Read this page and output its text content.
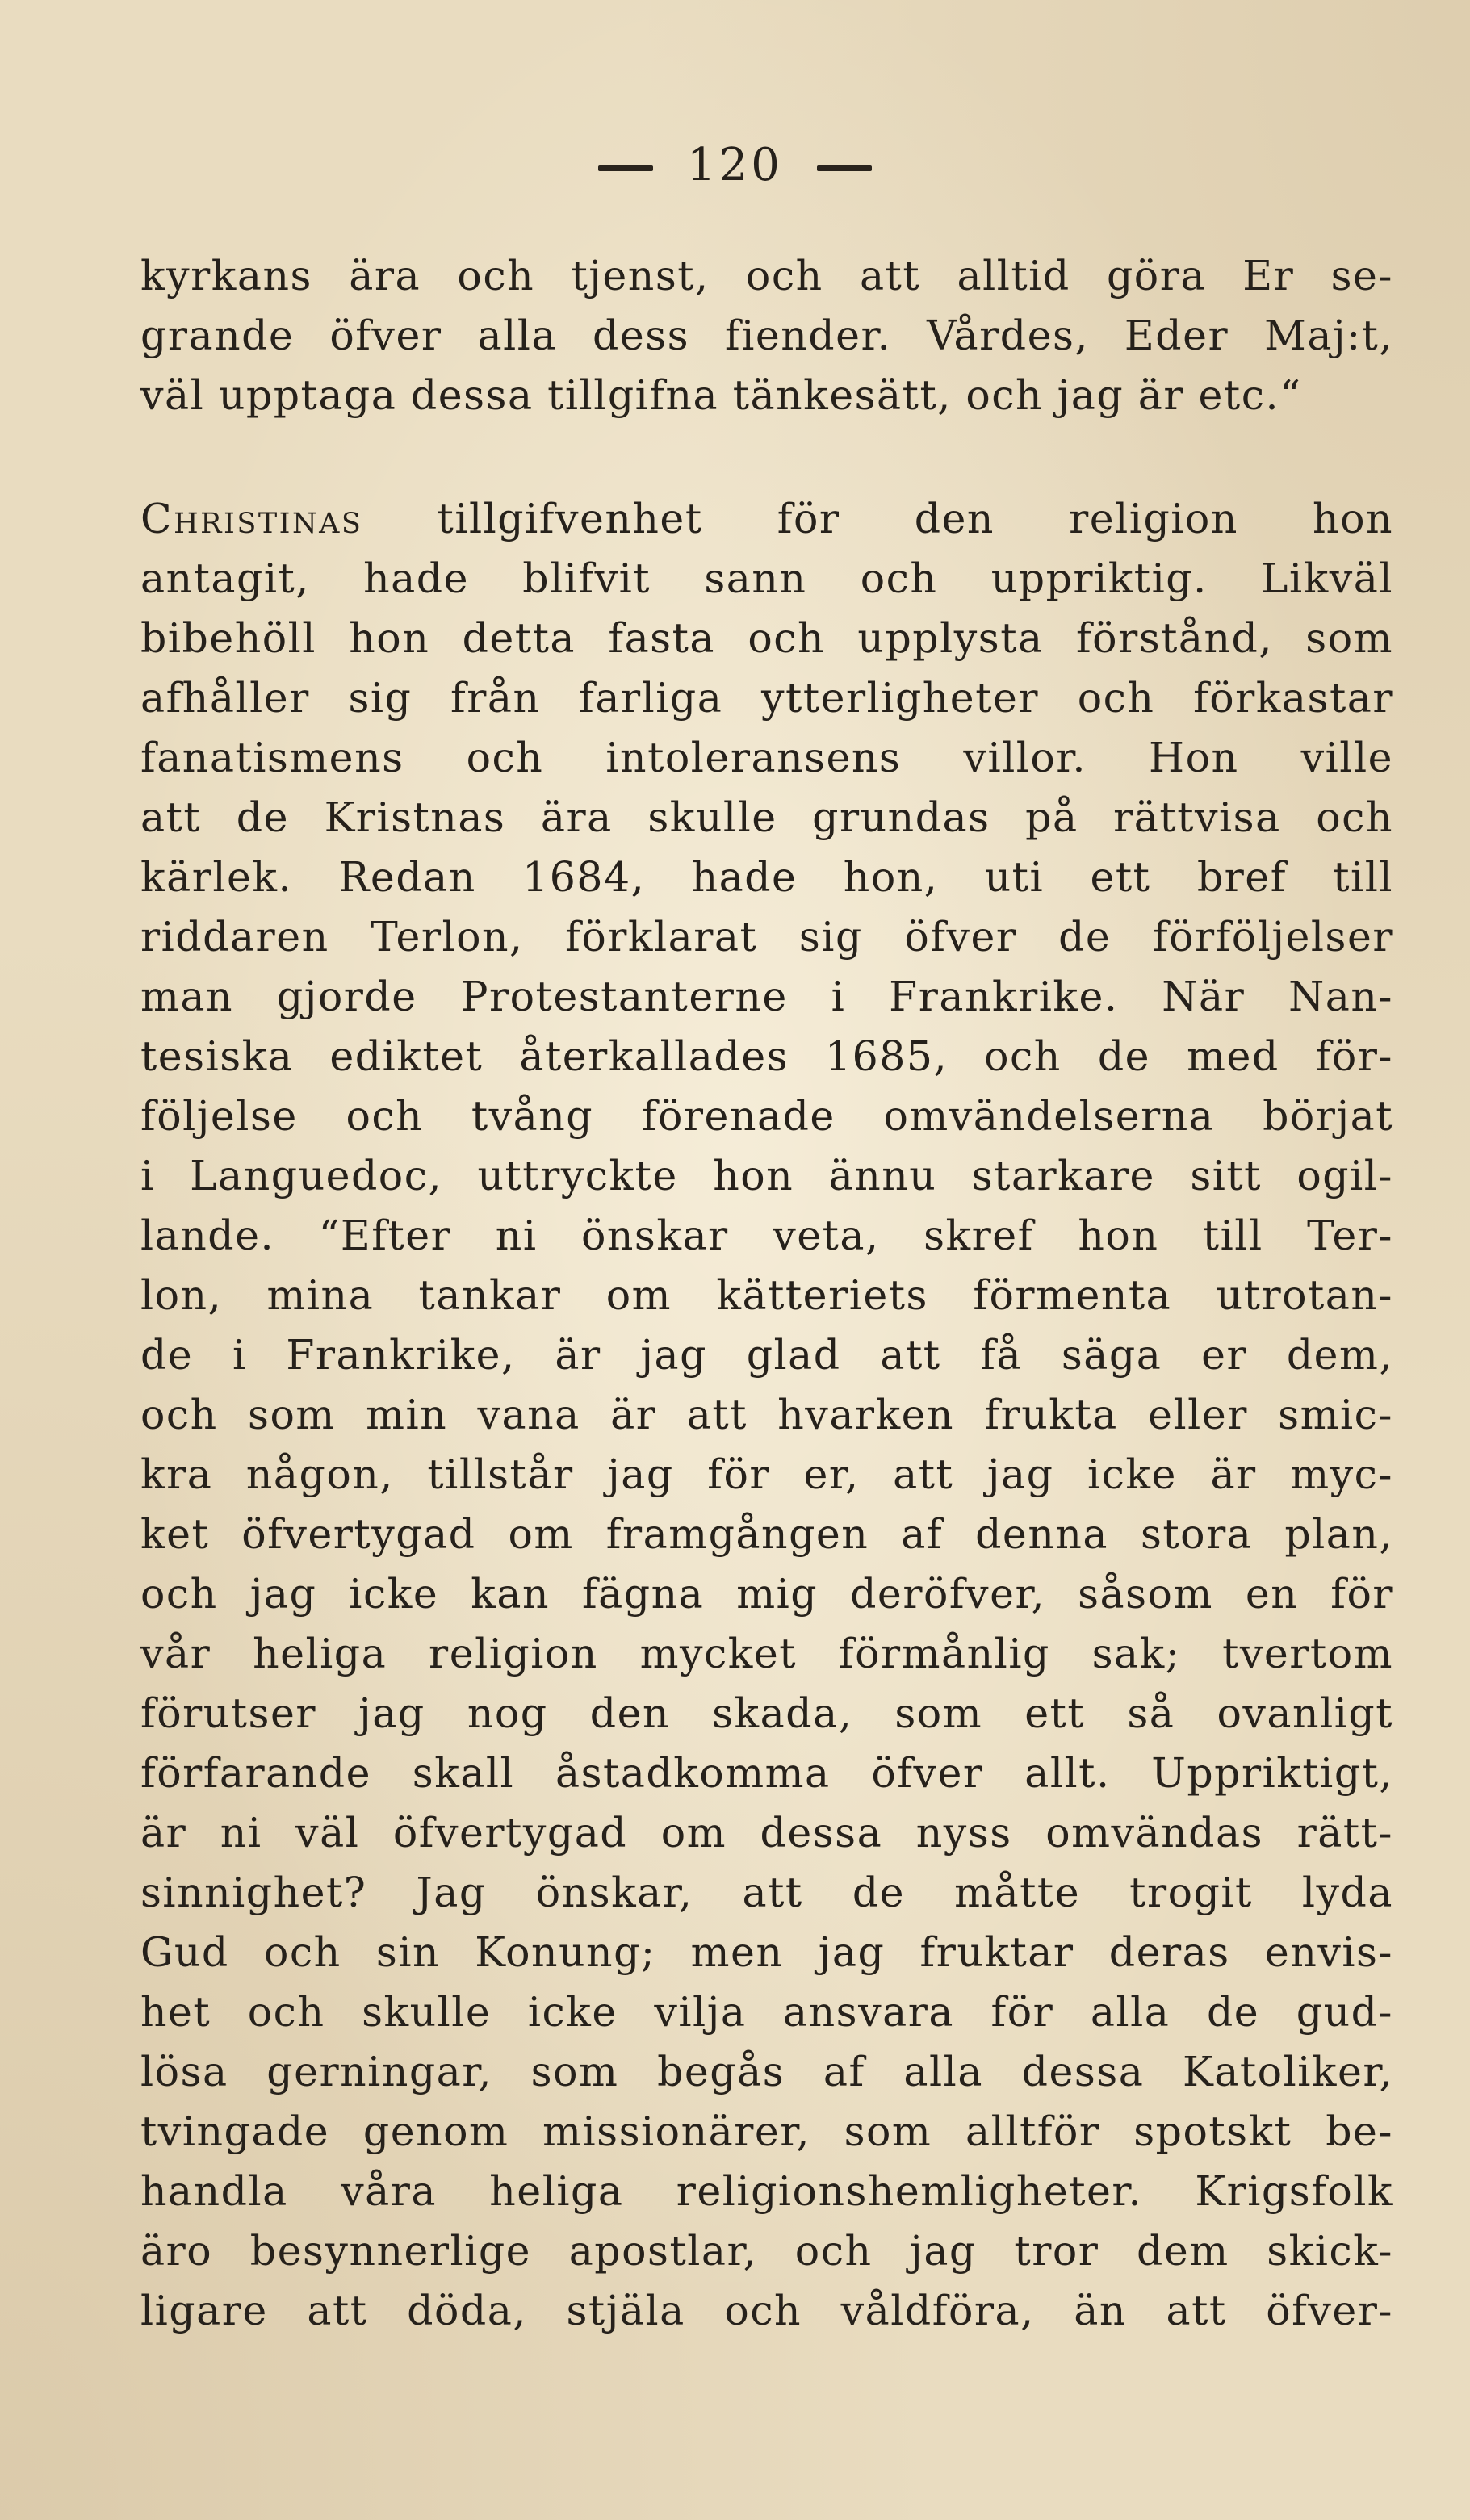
120
kyrkans ära och tjenst, och att alltid göra Er se-
grande öfver alla dess fiender. Vårdes, Eder Maj:t,
väl upptaga dessa tillgifna tänkesätt, och jag är etc.“
Christinas tillgifvenhet för den religion hon
antagit, hade blifvit sann och uppriktig. Likväl
bibehöll hon detta fasta och upplysta förstånd, som
afhåller sig från farliga ytterligheter och förkastar
fanatismens och intoleransens villor. Hon ville
att de Kristnas ära skulle grundas på rättvisa och
kärlek. Redan 1684, hade hon, uti ett bref till
riddaren Terlon, förklarat sig öfver de förföljelser
man gjorde Protestanterne i Frankrike. När Nan-
tesiska ediktet återkallades 1685, och de med för-
följelse och tvång förenade omvändelserna börjat
i Languedoc, uttryckte hon ännu starkare sitt ogil-
lande. “Efter ni önskar veta, skref hon till Ter-
lon, mina tankar om kätteriets förmenta utrotan-
de i Frankrike, är jag glad att få säga er dem,
och som min vana är att hvarken frukta eller smic-
kra någon, tillstår jag för er, att jag icke är myc-
ket öfvertygad om framgången af denna stora plan,
och jag icke kan fägna mig deröfver, såsom en för
vår heliga religion mycket förmånlig sak; tvertom
förutser jag nog den skada, som ett så ovanligt
förfarande skall åstadkomma öfver allt. Uppriktigt,
är ni väl öfvertygad om dessa nyss omvändas rätt-
sinnighet? Jag önskar, att de måtte trogit lyda
Gud och sin Konung; men jag fruktar deras envis-
het och skulle icke vilja ansvara för alla de gud-
lösa gerningar, som begås af alla dessa Katoliker,
tvingade genom missionärer, som alltför spotskt be-
handla våra heliga religionshemligheter. Krigsfolk
äro besynnerlige apostlar, och jag tror dem skick-
ligare att döda, stjäla och våldföra, än att öfver-
